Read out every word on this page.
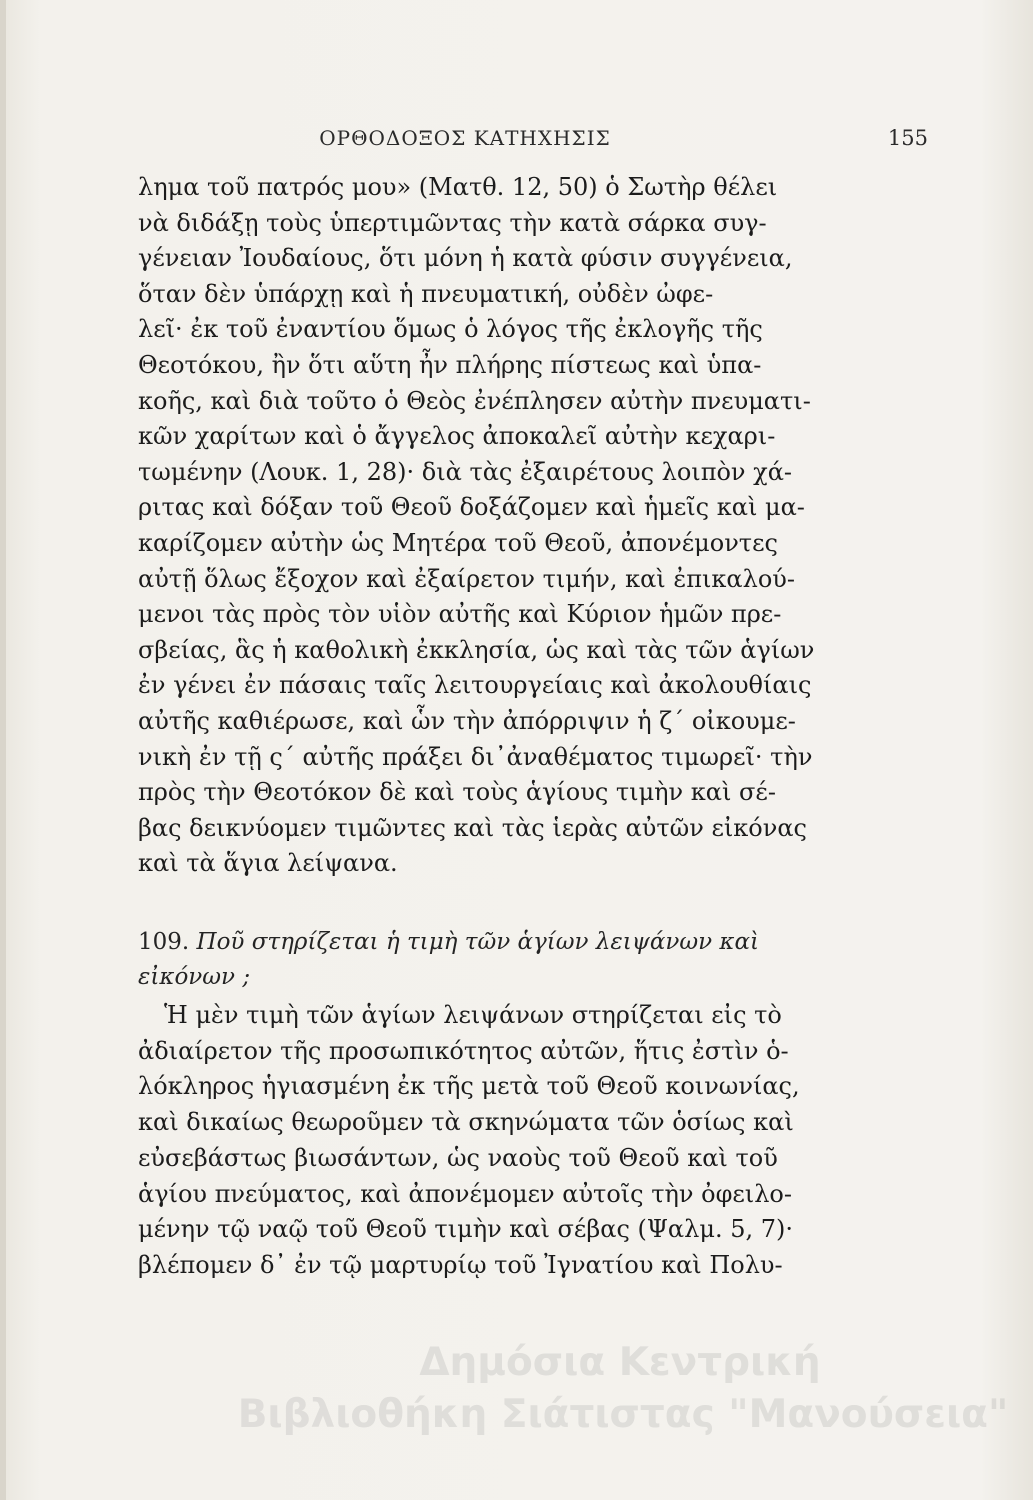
ΟΡΘΟΔΟΞΟΣ ΚΑΤΗΧΗΣΙΣ	155
λημα τοῦ πατρός μου» (Ματθ. 12, 50) ὁ Σωτὴρ θέλει
νὰ διδάξῃ τοὺς ὑπερτιμῶντας τὴν κατὰ σάρκα συγ-
γένειαν Ἰουδαίους, ὅτι μόνη ἡ κατὰ φύσιν συγγένεια,
ὅταν δὲν ὑπάρχῃ καὶ ἡ πνευματική, οὐδὲν ὠφε-
λεῖ· ἐκ τοῦ ἐναντίου ὅμως ὁ λόγος τῆς ἐκλογῆς τῆς
Θεοτόκου, ἢν ὅτι αὕτη ἦν πλήρης πίστεως καὶ ὑπα-
κοῆς, καὶ διὰ τοῦτο ὁ Θεὸς ἐνέπλησεν αὐτὴν πνευματι-
κῶν χαρίτων καὶ ὁ ἄγγελος ἀποκαλεῖ αὐτὴν κεχαρι-
τωμένην (Λουκ. 1, 28)· διὰ τὰς ἐξαιρέτους λοιπὸν χά-
ριτας καὶ δόξαν τοῦ Θεοῦ δοξάζομεν καὶ ἡμεῖς καὶ μα-
καρίζομεν αὐτὴν ὡς Μητέρα τοῦ Θεοῦ, ἀπονέμοντες
αὐτῇ ὅλως ἔξοχον καὶ ἐξαίρετον τιμήν, καὶ ἐπικαλού-
μενοι τὰς πρὸς τὸν υἱὸν αὐτῆς καὶ Κύριον ἡμῶν πρε-
σβείας, ἃς ἡ καθολικὴ ἐκκλησία, ὡς καὶ τὰς τῶν ἁγίων
ἐν γένει ἐν πάσαις ταῖς λειτουργείαις καὶ ἀκολουθίαις
αὐτῆς καθιέρωσε, καὶ ὧν τὴν ἀπόρριψιν ἡ ζ΄ οἰκουμε-
νικὴ ἐν τῇ ς΄ αὐτῆς πράξει δι᾽ἀναθέματος τιμωρεῖ· τὴν
πρὸς τὴν Θεοτόκον δὲ καὶ τοὺς ἁγίους τιμὴν καὶ σέ-
βας δεικνύομεν τιμῶντες καὶ τὰς ἱερὰς αὐτῶν εἰκόνας
καὶ τὰ ἅγια λείψανα.
109. Ποῦ στηρίζεται ἡ τιμὴ τῶν ἁγίων λειψάνων καὶ
εἰκόνων ;
Ἡ μὲν τιμὴ τῶν ἁγίων λειψάνων στηρίζεται εἰς τὸ
ἀδιαίρετον τῆς προσωπικότητος αὐτῶν, ἥτις ἐστὶν ὁ-
λόκληρος ἡγιασμένη ἐκ τῆς μετὰ τοῦ Θεοῦ κοινωνίας,
καὶ δικαίως θεωροῦμεν τὰ σκηνώματα τῶν ὁσίως καὶ
εὐσεβάστως βιωσάντων, ὡς ναοὺς τοῦ Θεοῦ καὶ τοῦ
ἁγίου πνεύματος, καὶ ἀπονέμομεν αὐτοῖς τὴν ὀφειλο-
μένην τῷ ναῷ τοῦ Θεοῦ τιμὴν καὶ σέβας (Ψαλμ. 5, 7)·
βλέπομεν δ᾽ ἐν τῷ μαρτυρίῳ τοῦ Ἰγνατίου καὶ Πολυ-
Δημόσια Κεντρική
Βιβλιοθήκη Σιάτιστας "Μανούσεια"
